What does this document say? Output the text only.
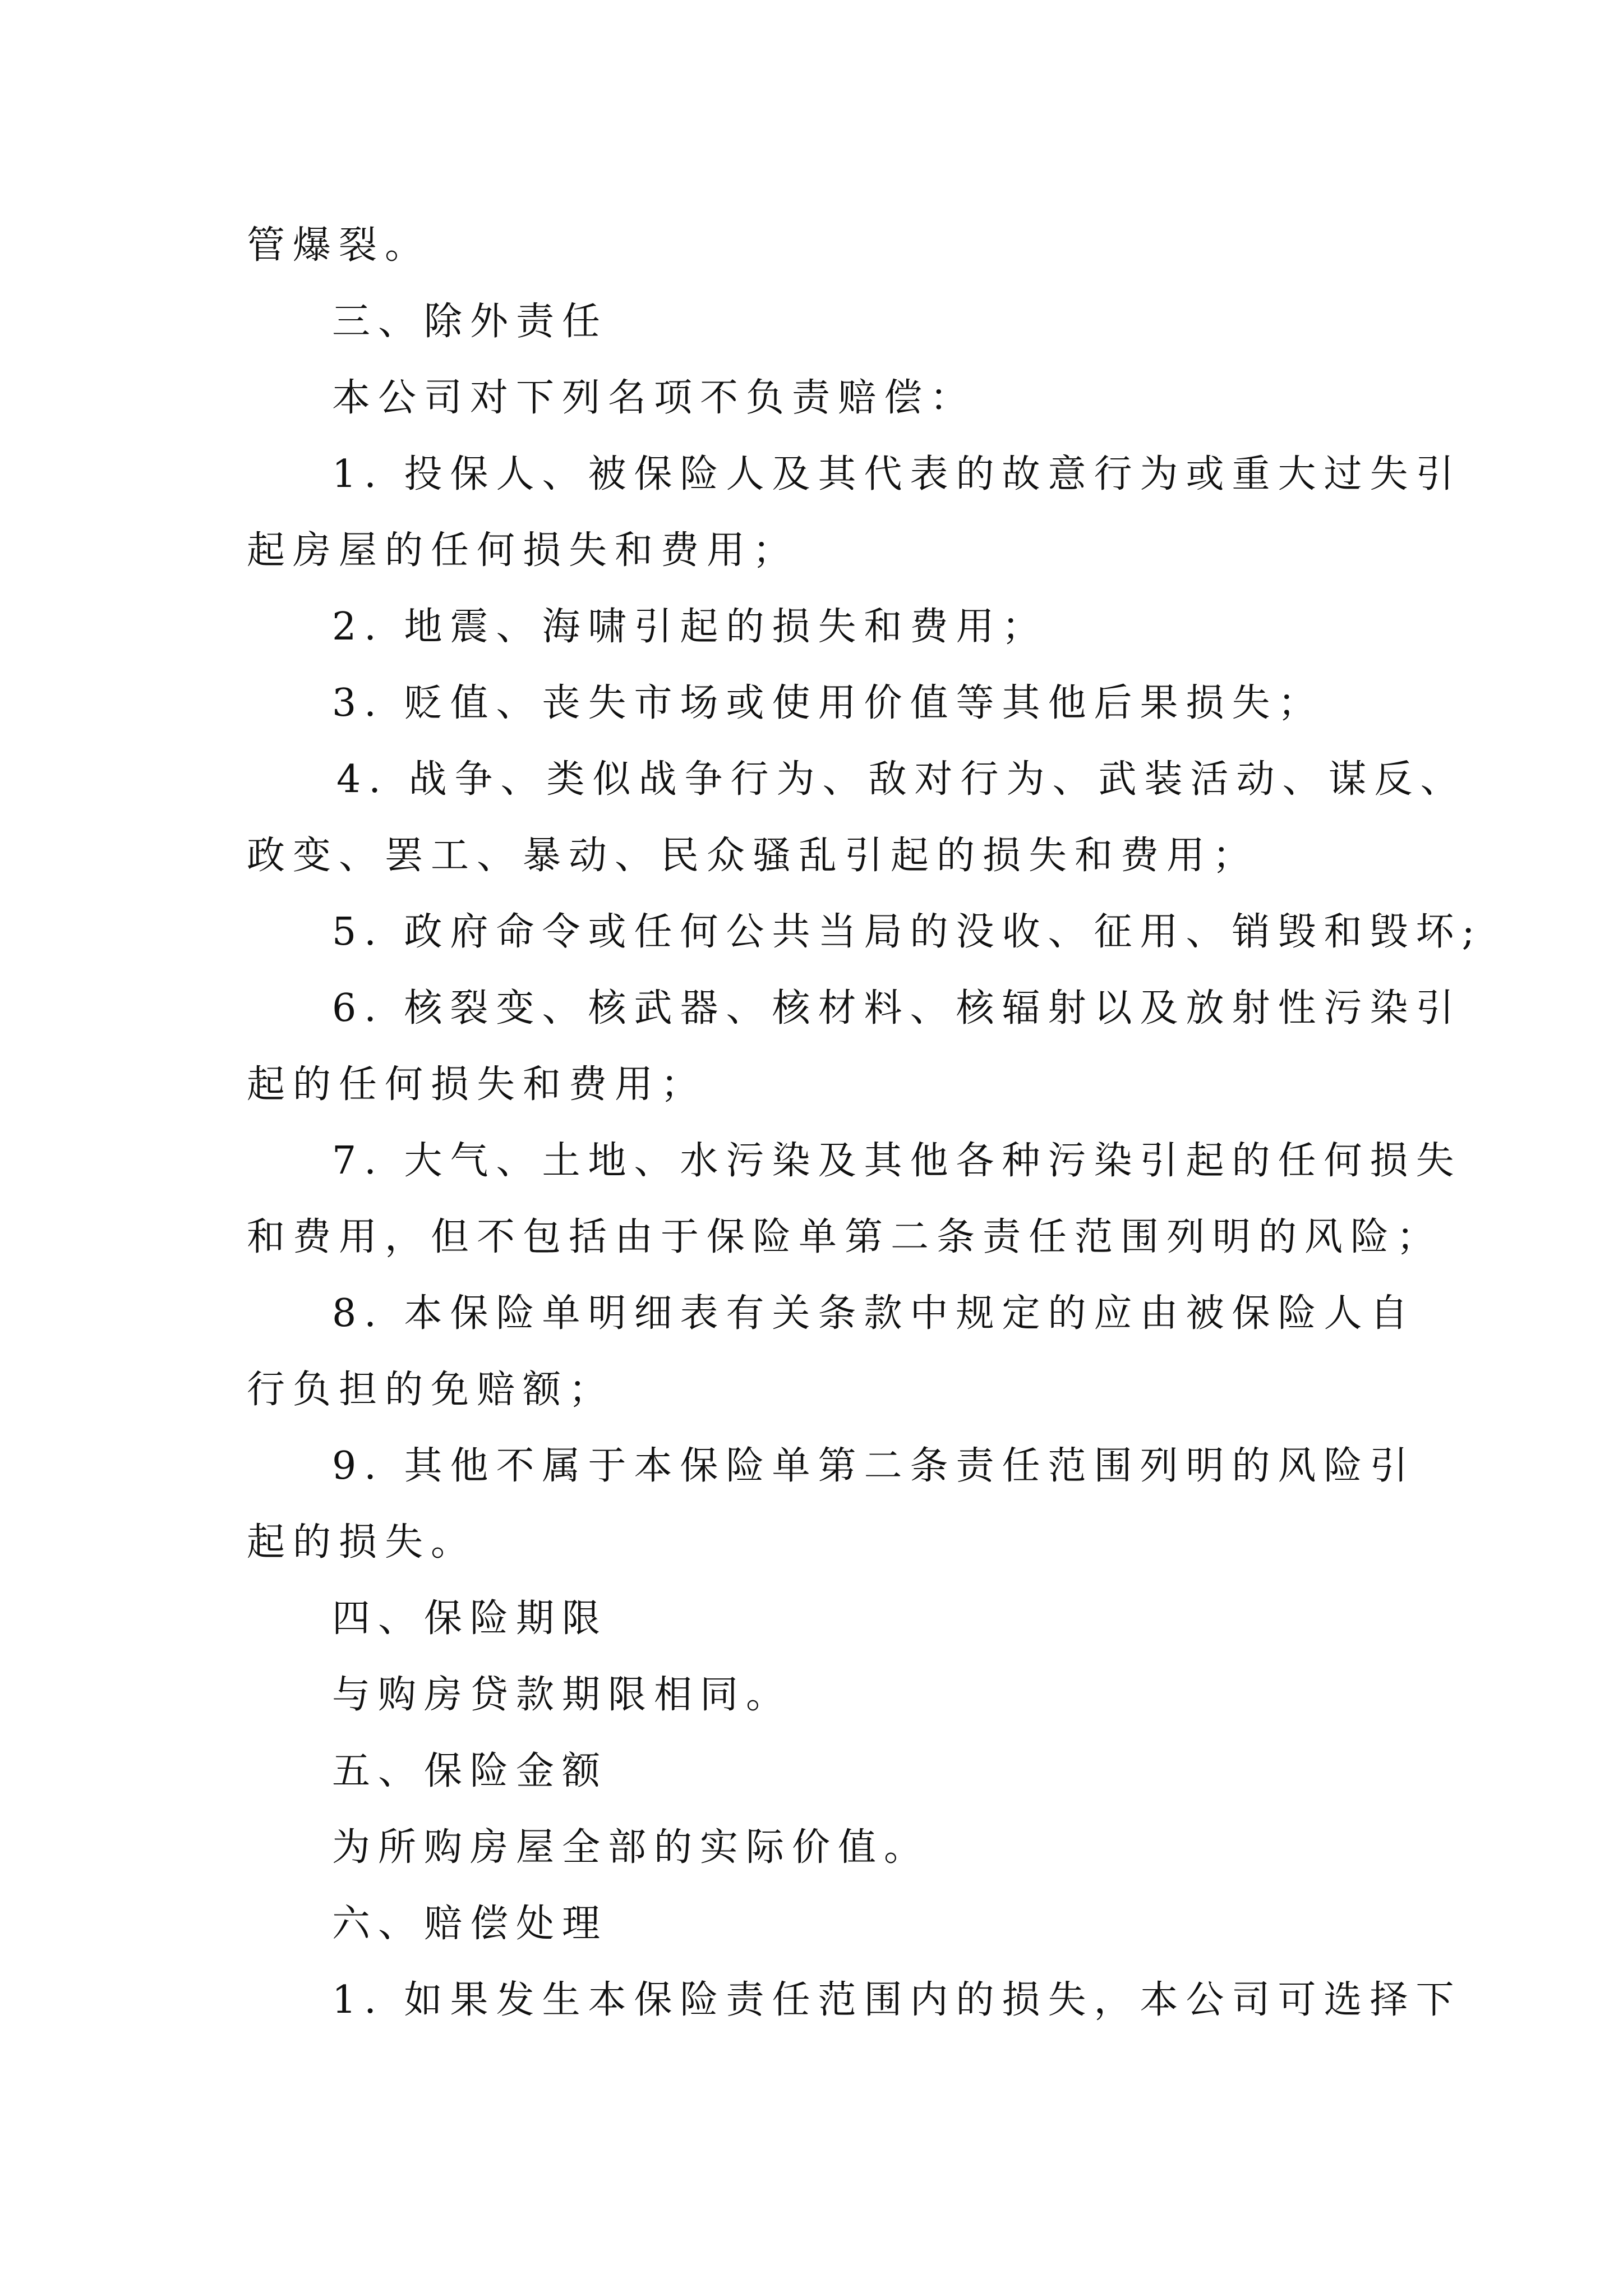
管爆裂。
三、除外责任
本公司对下列名项不负责赔偿：
1. 投保人、被保险人及其代表的故意行为或重大过失引
起房屋的任何损失和费用；
2. 地震、海啸引起的损失和费用；
3. 贬值、丧失市场或使用价值等其他后果损失；
4. 战争、类似战争行为、敌对行为、武装活动、谋反、
政变、罢工、暴动、民众骚乱引起的损失和费用；
5. 政府命令或任何公共当局的没收、征用、销毁和毁坏;
6. 核裂变、核武器、核材料、核辐射以及放射性污染引
起的任何损失和费用；
7. 大气、土地、水污染及其他各种污染引起的任何损失
和费用，但不包括由于保险单第二条责任范围列明的风险；
8. 本保险单明细表有关条款中规定的应由被保险人自
行负担的免赔额；
9. 其他不属于本保险单第二条责任范围列明的风险引
起的损失。
四、保险期限
与购房贷款期限相同。
五、保险金额
为所购房屋全部的实际价值。
六、赔偿处理
1. 如果发生本保险责任范围内的损失，本公司可选择下
